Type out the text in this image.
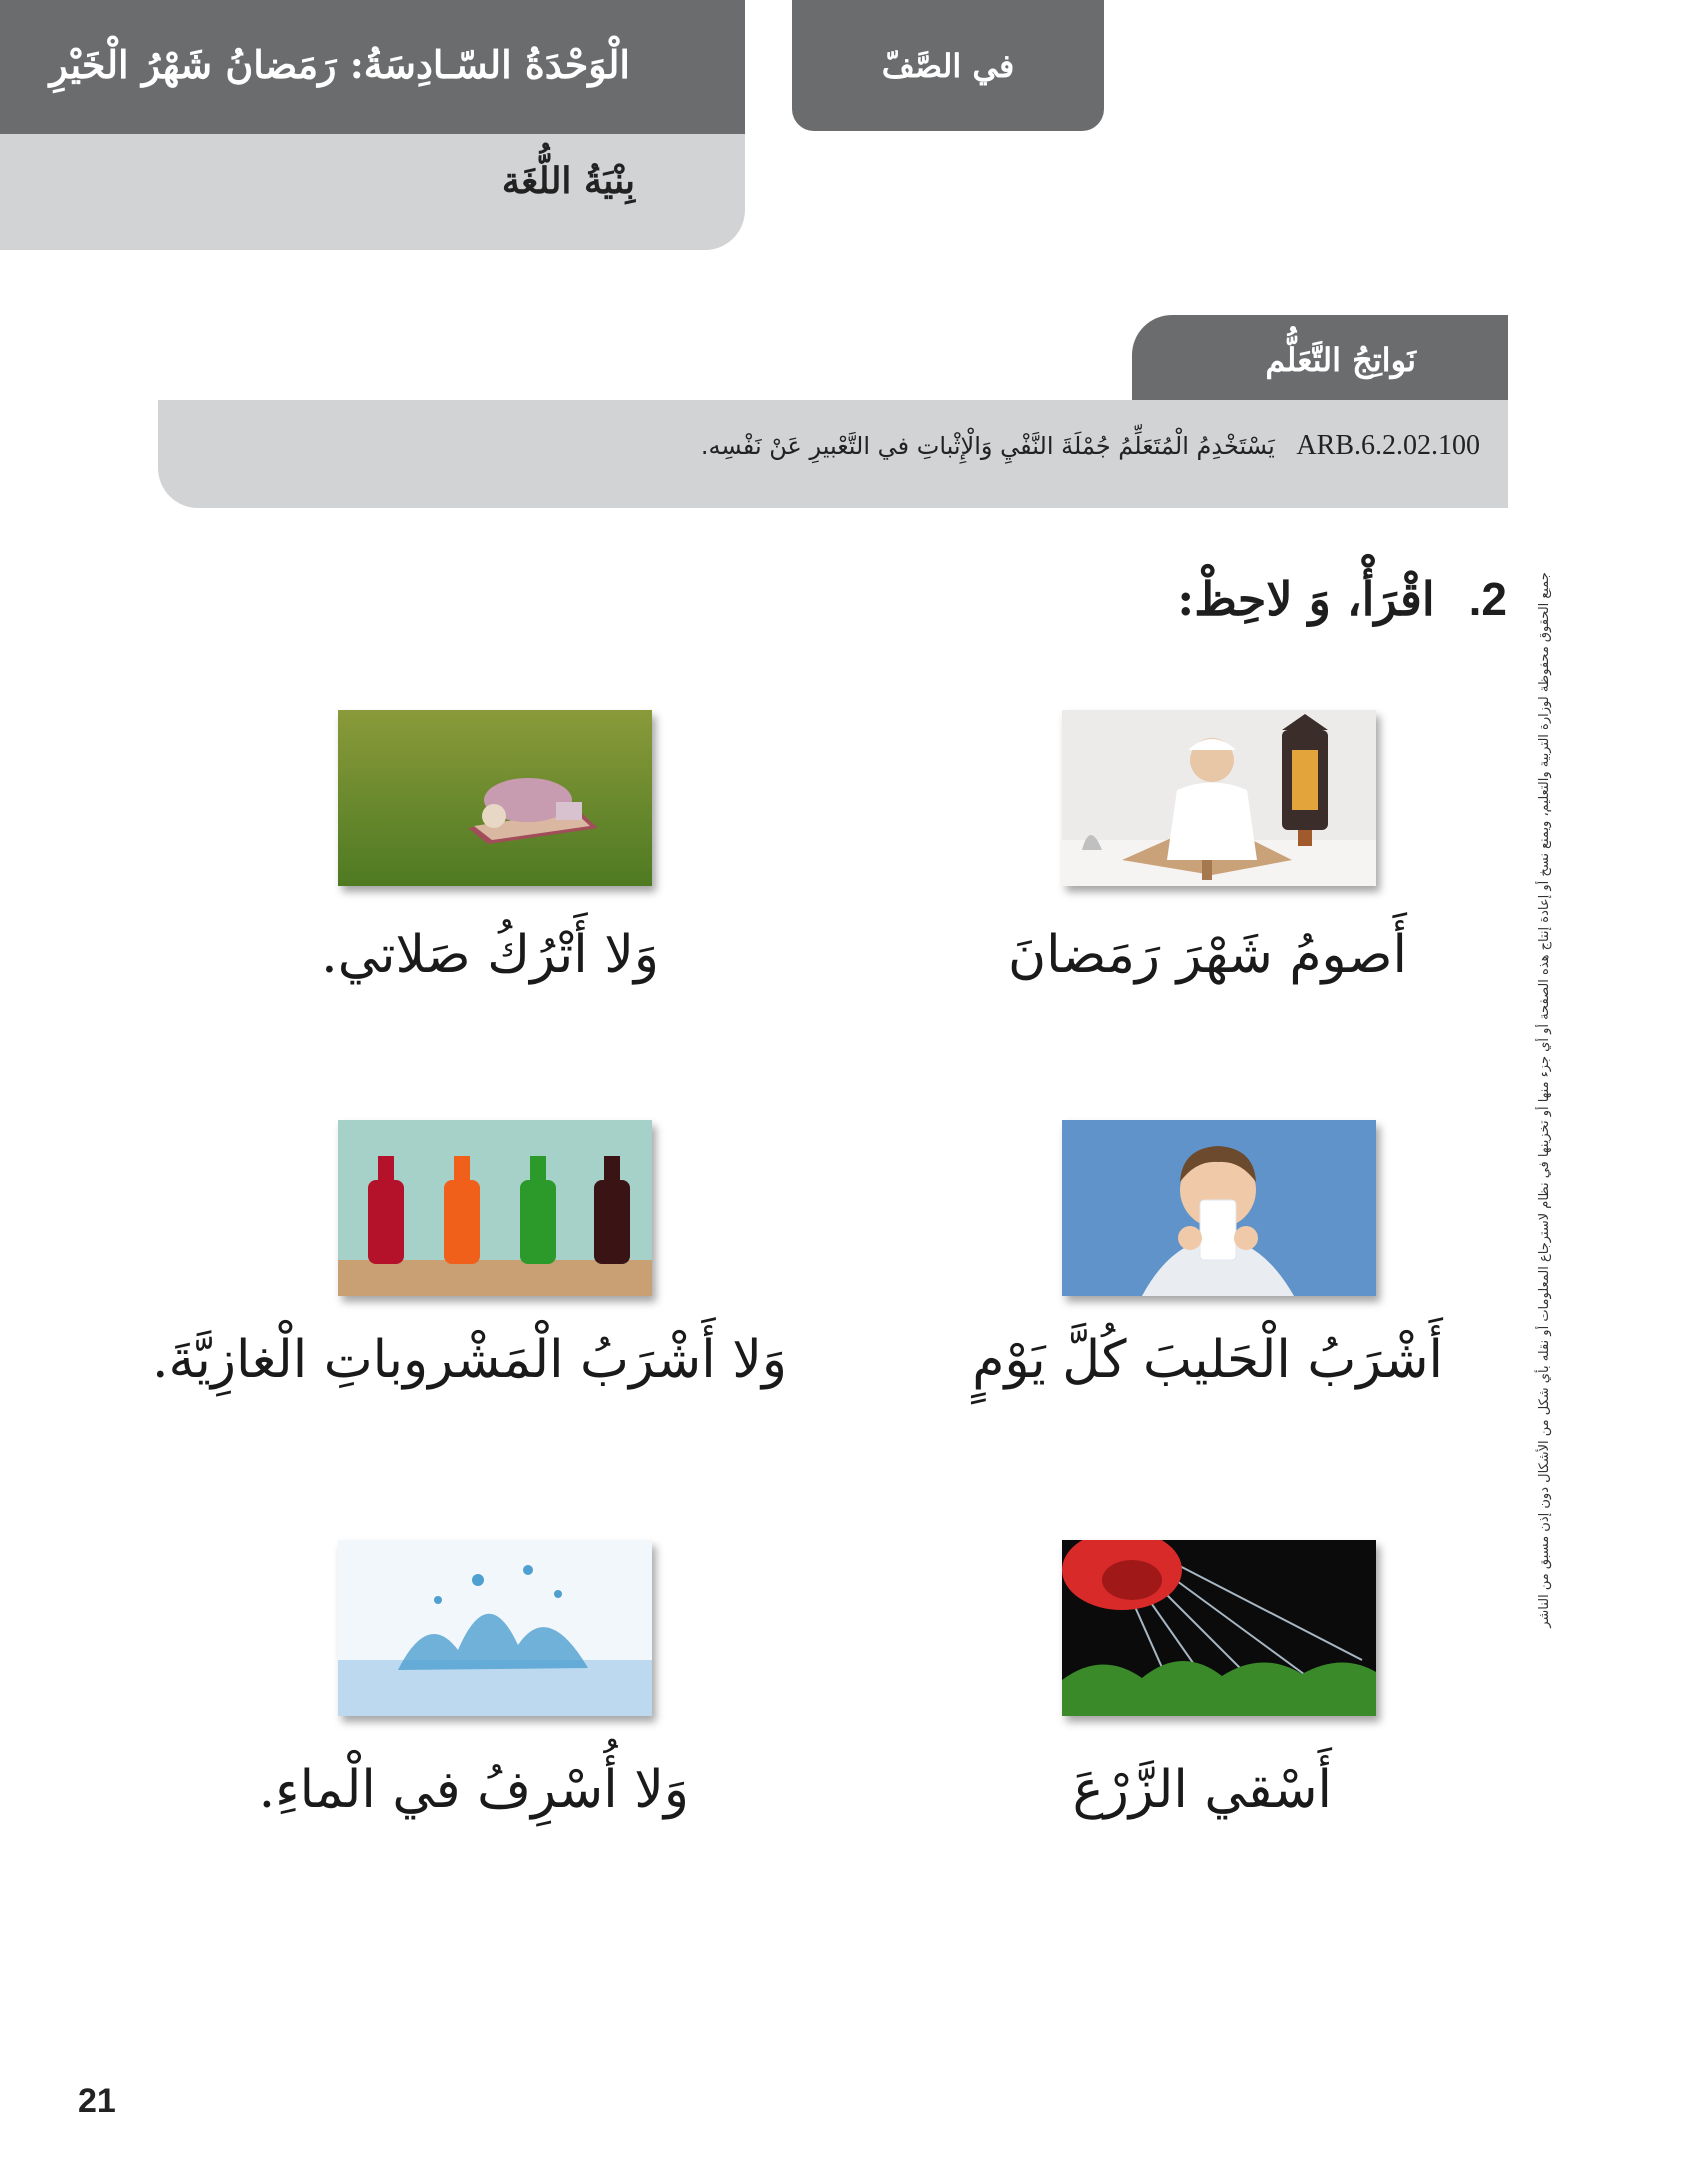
الْوَحْدَةُ السّـادِسَةُ: رَمَضانُ شَهْرُ الْخَيْرِ
بِنْيَةُ اللُّغَة
في الصَّفّ
نَواتِجُ التَّعَلُّم
ARB.6.2.02.100 يَسْتَخْدِمُ الْمُتَعَلِّمُ جُمْلَةَ النَّفْيِ وَالْإِثْباتِ في التَّعْبيرِ عَنْ نَفْسِه.
جميع الحقوق محفوظة لوزارة التربية والتعليم، ويمنع نسخ أو إعادة إنتاج هذه الصفحة أو أي جزء منها أو تخزينها في نظام لاسترجاع المعلومات أو نقله بأي شكل من الأشكال دون إذن مسبق من الناشر
2. اقْرَأْ، وَ لاحِظْ:
أَصومُ شَهْرَ رَمَضانَ
وَلا أَتْرُكُ صَلاتي.
أَشْرَبُ الْحَليبَ كُلَّ يَوْمٍ
وَلا أَشْرَبُ الْمَشْروباتِ الْغازِيَّةَ.
أَسْقي الزَّرْعَ
وَلا أُسْرِفُ في الْماءِ.
21
